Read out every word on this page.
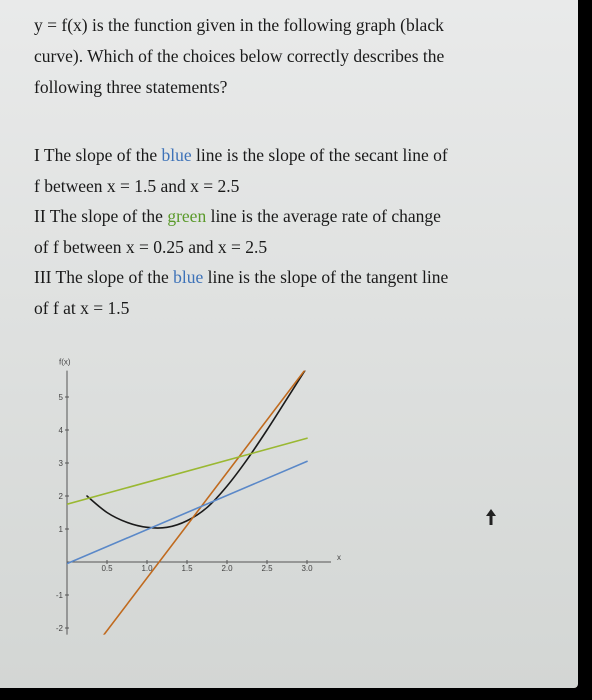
y = f(x) is the function given in the following graph (black
curve). Which of the choices below correctly describes the
following three statements?
I The slope of the blue line is the slope of the secant line of
f between x = 1.5 and x = 2.5
II The slope of the green line is the average rate of change
of f between x = 0.25 and x = 2.5
III The slope of the blue line is the slope of the tangent line
of f at x = 1.5
f(x)
x
0.5	1.0	1.5	2.0	2.5	3.0
-2
-1
1
2
3
4
5
